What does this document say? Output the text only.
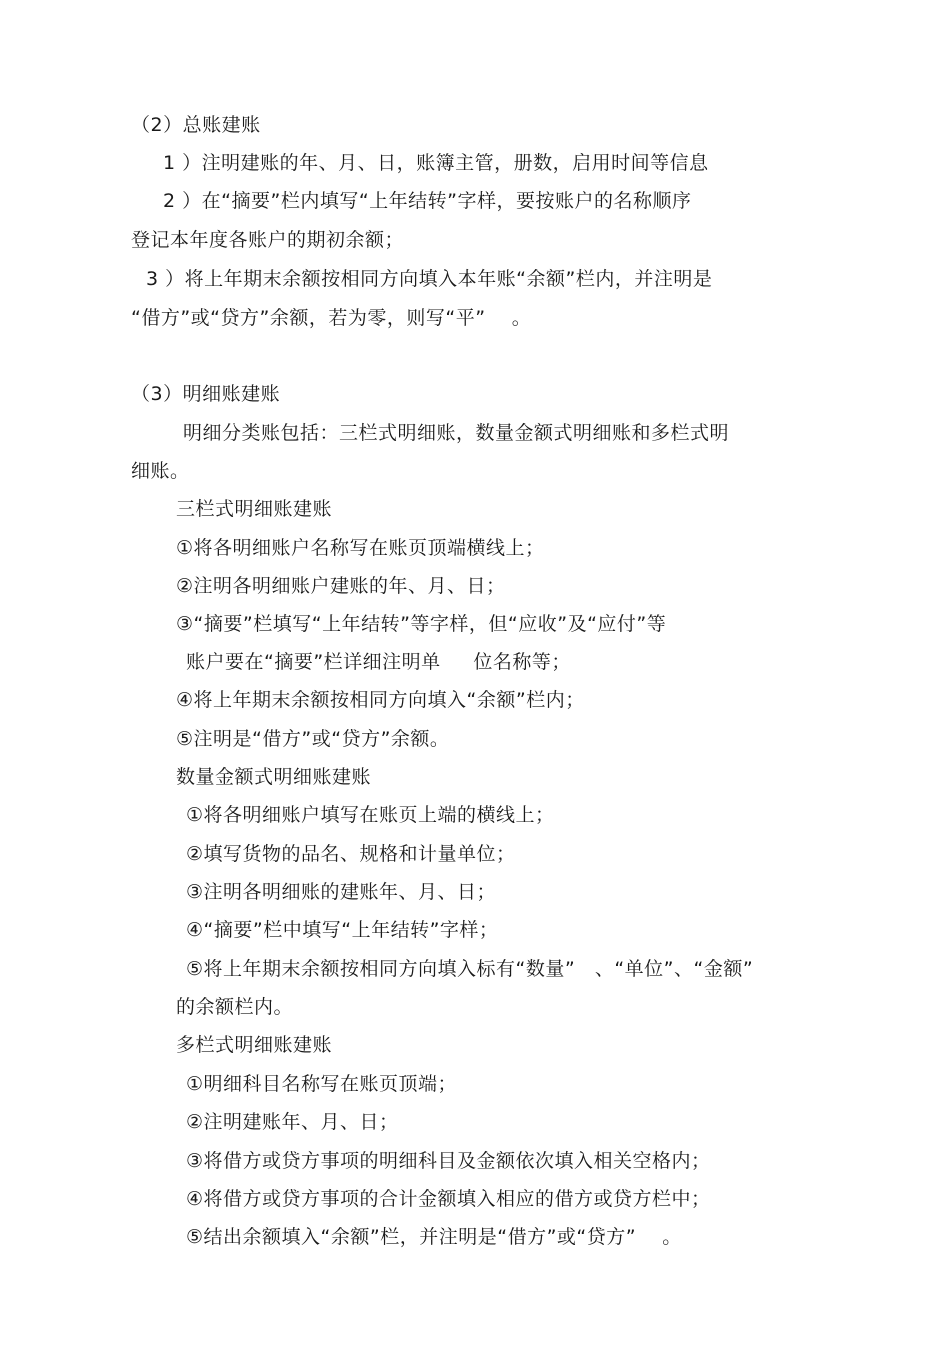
（2）总账建账
1 ）注明建账的年、月、日，账簿主管，册数，启用时间等信息
2 ）在“摘要”栏内填写“上年结转”字样，要按账户的名称顺序
登记本年度各账户的期初余额；
3 ）将上年期末余额按相同方向填入本年账“余额”栏内，并注明是
“借方”或“贷方”余额，若为零，则写“平”    。
（3）明细账建账
明细分类账包括：三栏式明细账，数量金额式明细账和多栏式明
细账。
三栏式明细账建账
①将各明细账户名称写在账页顶端横线上；
②注明各明细账户建账的年、月、日；
③“摘要”栏填写“上年结转”等字样，但“应收”及“应付”等
账户要在“摘要”栏详细注明单     位名称等；
④将上年期末余额按相同方向填入“余额”栏内；
⑤注明是“借方”或“贷方”余额。
数量金额式明细账建账
①将各明细账户填写在账页上端的横线上；
②填写货物的品名、规格和计量单位；
③注明各明细账的建账年、月、日；
④“摘要”栏中填写“上年结转”字样；
⑤将上年期末余额按相同方向填入标有“数量”   、“单位”、“金额”
的余额栏内。
多栏式明细账建账
①明细科目名称写在账页顶端；
②注明建账年、月、日；
③将借方或贷方事项的明细科目及金额依次填入相关空格内；
④将借方或贷方事项的合计金额填入相应的借方或贷方栏中；
⑤结出余额填入“余额”栏，并注明是“借方”或“贷方”    。
